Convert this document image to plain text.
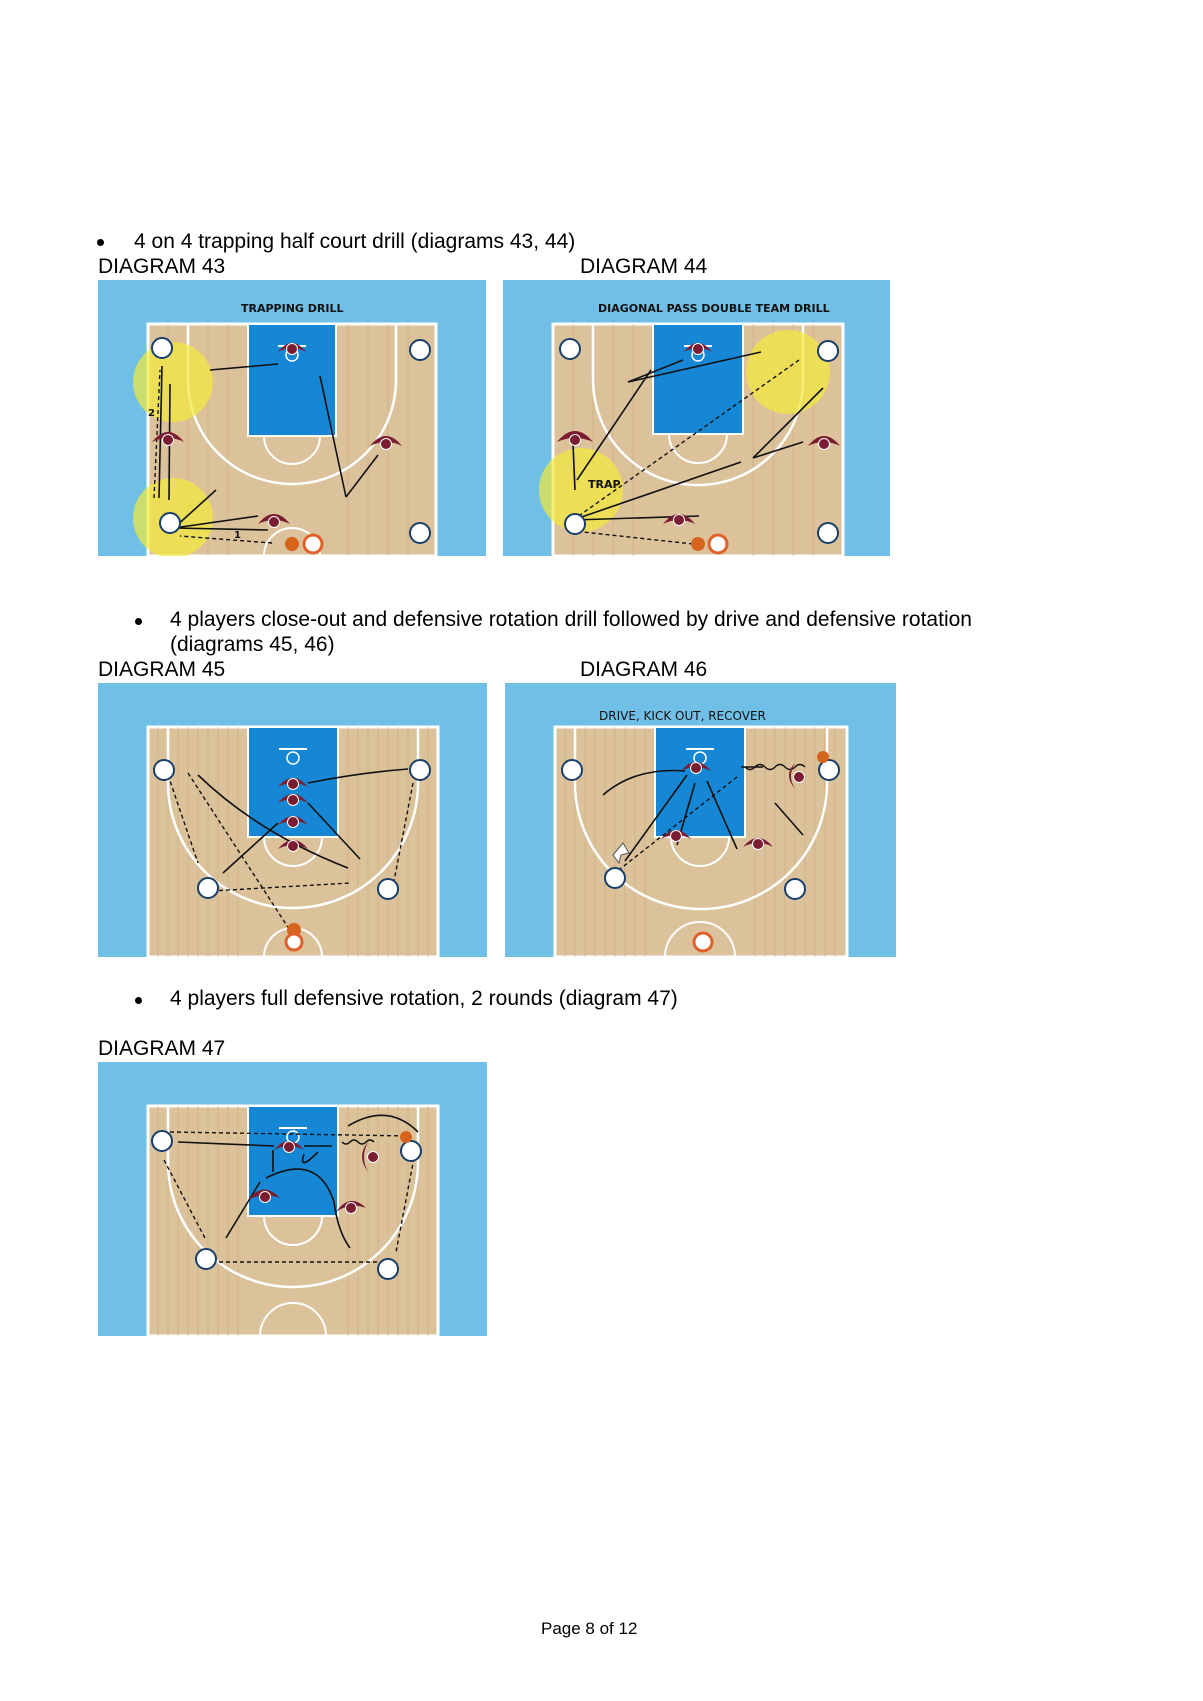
4 on 4 trapping half court drill (diagrams 43, 44)
DIAGRAM 43	DIAGRAM 44
2
1
TRAP
TRAPPING DRILL	DIAGONAL PASS DOUBLE TEAM DRILL
4 players close-out and defensive rotation drill followed by drive and defensive rotation
(diagrams 45, 46)
DIAGRAM 45	DIAGRAM 46
DRIVE, KICK OUT, RECOVER
4 players full defensive rotation, 2 rounds (diagram 47)
DIAGRAM 47
Page 8 of 12
